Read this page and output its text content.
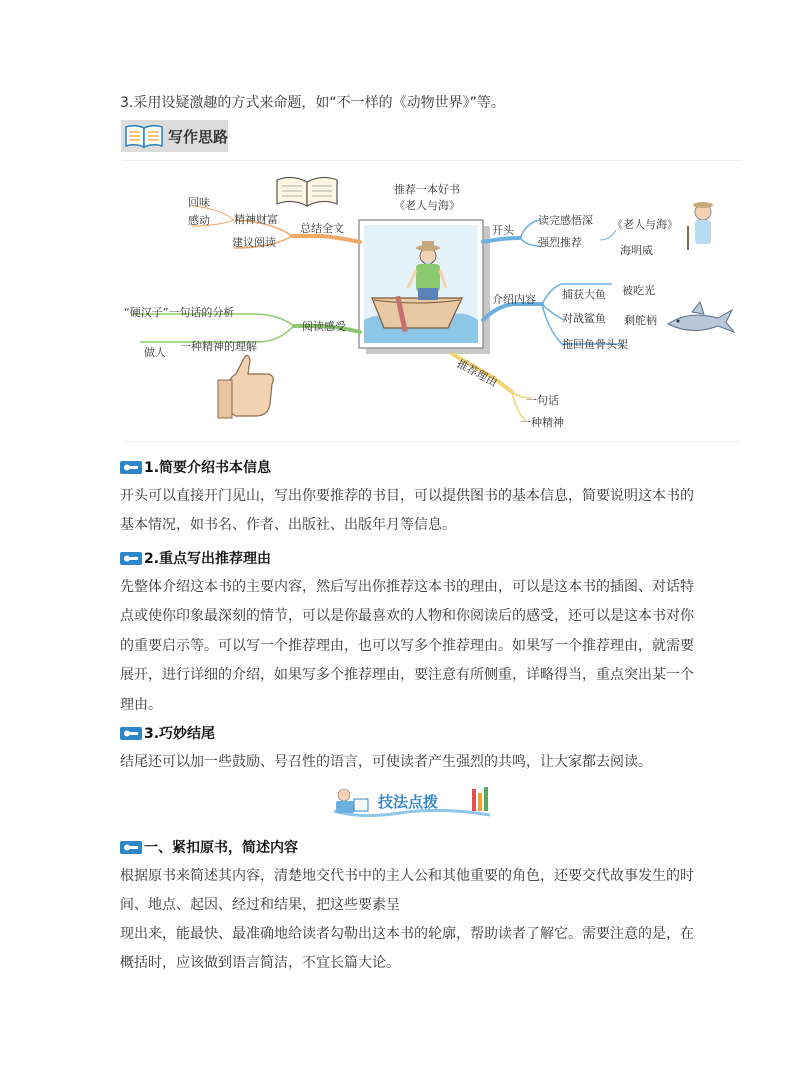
3.采用设疑激趣的方式来命题，如“不一样的《动物世界》”等。
写作思路
推荐一本好书
《老人与海》
总结全文
精神财富
建议阅读
回味
感动
开头
读完感悟深
强烈推荐
《老人与海》
海明威
介绍内容 捕获大鱼 被吃光
对战鲨鱼 剩舵柄
拖回鱼骨头架
阅读感受
“硬汉子”一句话的分析
做人 一种精神的理解
推荐理由
一句话
一种精神
1.简要介绍书本信息
开头可以直接开门见山，写出你要推荐的书目，可以提供图书的基本信息，简要说明这本书的基本情况，如书名、作者、出版社、出版年月等信息。
2.重点写出推荐理由
先整体介绍这本书的主要内容，然后写出你推荐这本书的理由，可以是这本书的插图、对话特点或使你印象最深刻的情节，可以是你最喜欢的人物和你阅读后的感受，还可以是这本书对你的重要启示等。可以写一个推荐理由，也可以写多个推荐理由。如果写一个推荐理由，就需要展开，进行详细的介绍，如果写多个推荐理由，要注意有所侧重，详略得当，重点突出某一个理由。
3.巧妙结尾
结尾还可以加一些鼓励、号召性的语言，可使读者产生强烈的共鸣，让大家都去阅读。
技法点拨
一、紧扣原书，简述内容
根据原书来简述其内容，清楚地交代书中的主人公和其他重要的角色，还要交代故事发生的时间、地点、起因、经过和结果，把这些要素呈
现出来，能最快、最准确地给读者勾勒出这本书的轮廓，帮助读者了解它。需要注意的是，在概括时，应该做到语言简洁，不宜长篇大论。
